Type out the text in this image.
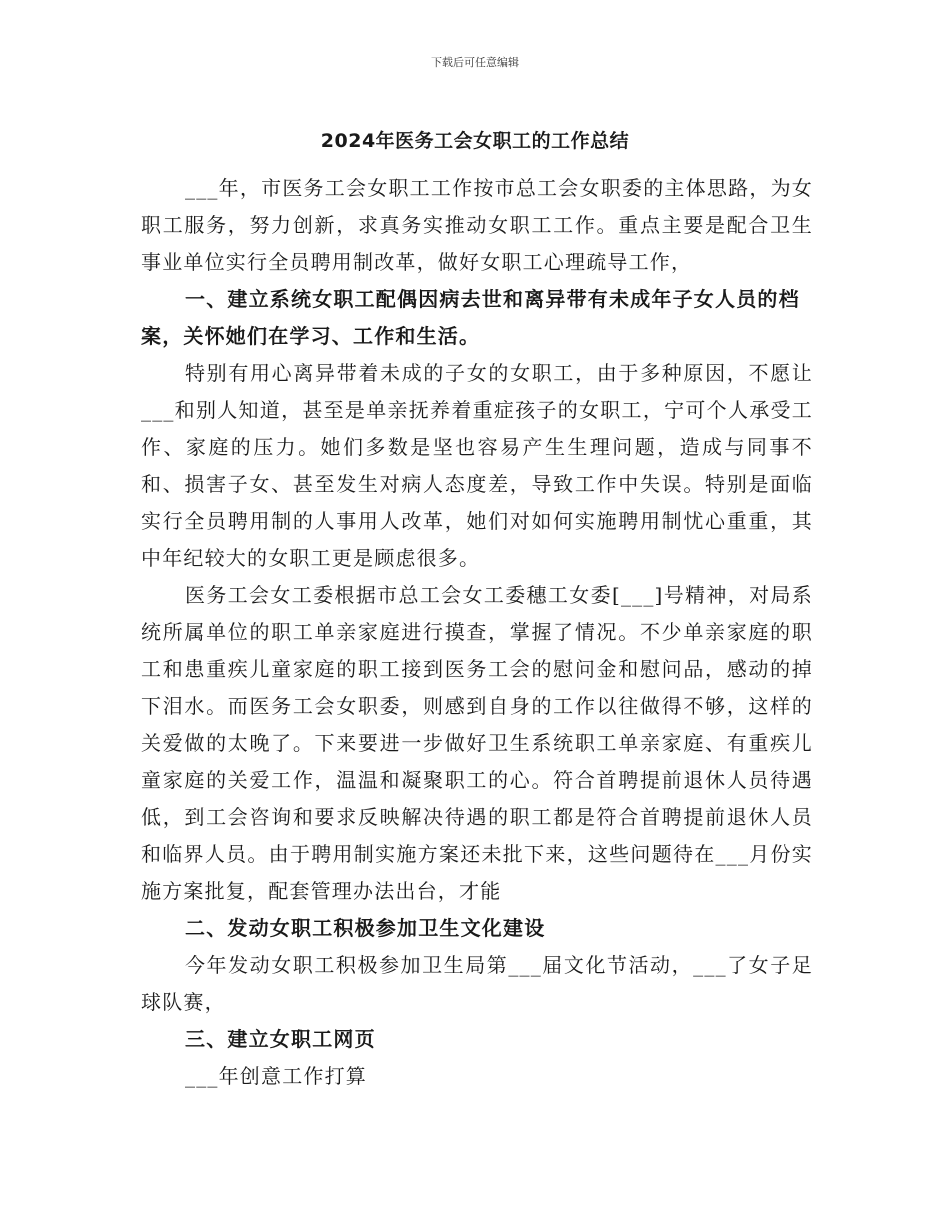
下载后可任意编辑
2024年医务工会女职工的工作总结

___年，市医务工会女职工工作按市总工会女职委的主体思路，为女职工服务，努力创新，求真务实推动女职工工作。重点主要是配合卫生事业单位实行全员聘用制改革，做好女职工心理疏导工作，

一、建立系统女职工配偶因病去世和离异带有未成年子女人员的档案，关怀她们在学习、工作和生活。

特别有用心离异带着未成的子女的女职工，由于多种原因，不愿让___和别人知道，甚至是单亲抚养着重症孩子的女职工，宁可个人承受工作、家庭的压力。她们多数是坚也容易产生生理问题，造成与同事不和、损害子女、甚至发生对病人态度差，导致工作中失误。特别是面临实行全员聘用制的人事用人改革，她们对如何实施聘用制忧心重重，其中年纪较大的女职工更是顾虑很多。

医务工会女工委根据市总工会女工委穗工女委[___]号精神，对局系统所属单位的职工单亲家庭进行摸查，掌握了情况。不少单亲家庭的职工和患重疾儿童家庭的职工接到医务工会的慰问金和慰问品，感动的掉下泪水。而医务工会女职委，则感到自身的工作以往做得不够，这样的关爱做的太晚了。下来要进一步做好卫生系统职工单亲家庭、有重疾儿童家庭的关爱工作，温温和凝聚职工的心。符合首聘提前退休人员待遇低，到工会咨询和要求反映解决待遇的职工都是符合首聘提前退休人员和临界人员。由于聘用制实施方案还未批下来，这些问题待在___月份实施方案批复，配套管理办法出台，才能

二、发动女职工积极参加卫生文化建设

今年发动女职工积极参加卫生局第___届文化节活动，___了女子足球队赛，

三、建立女职工网页

___年创意工作打算
